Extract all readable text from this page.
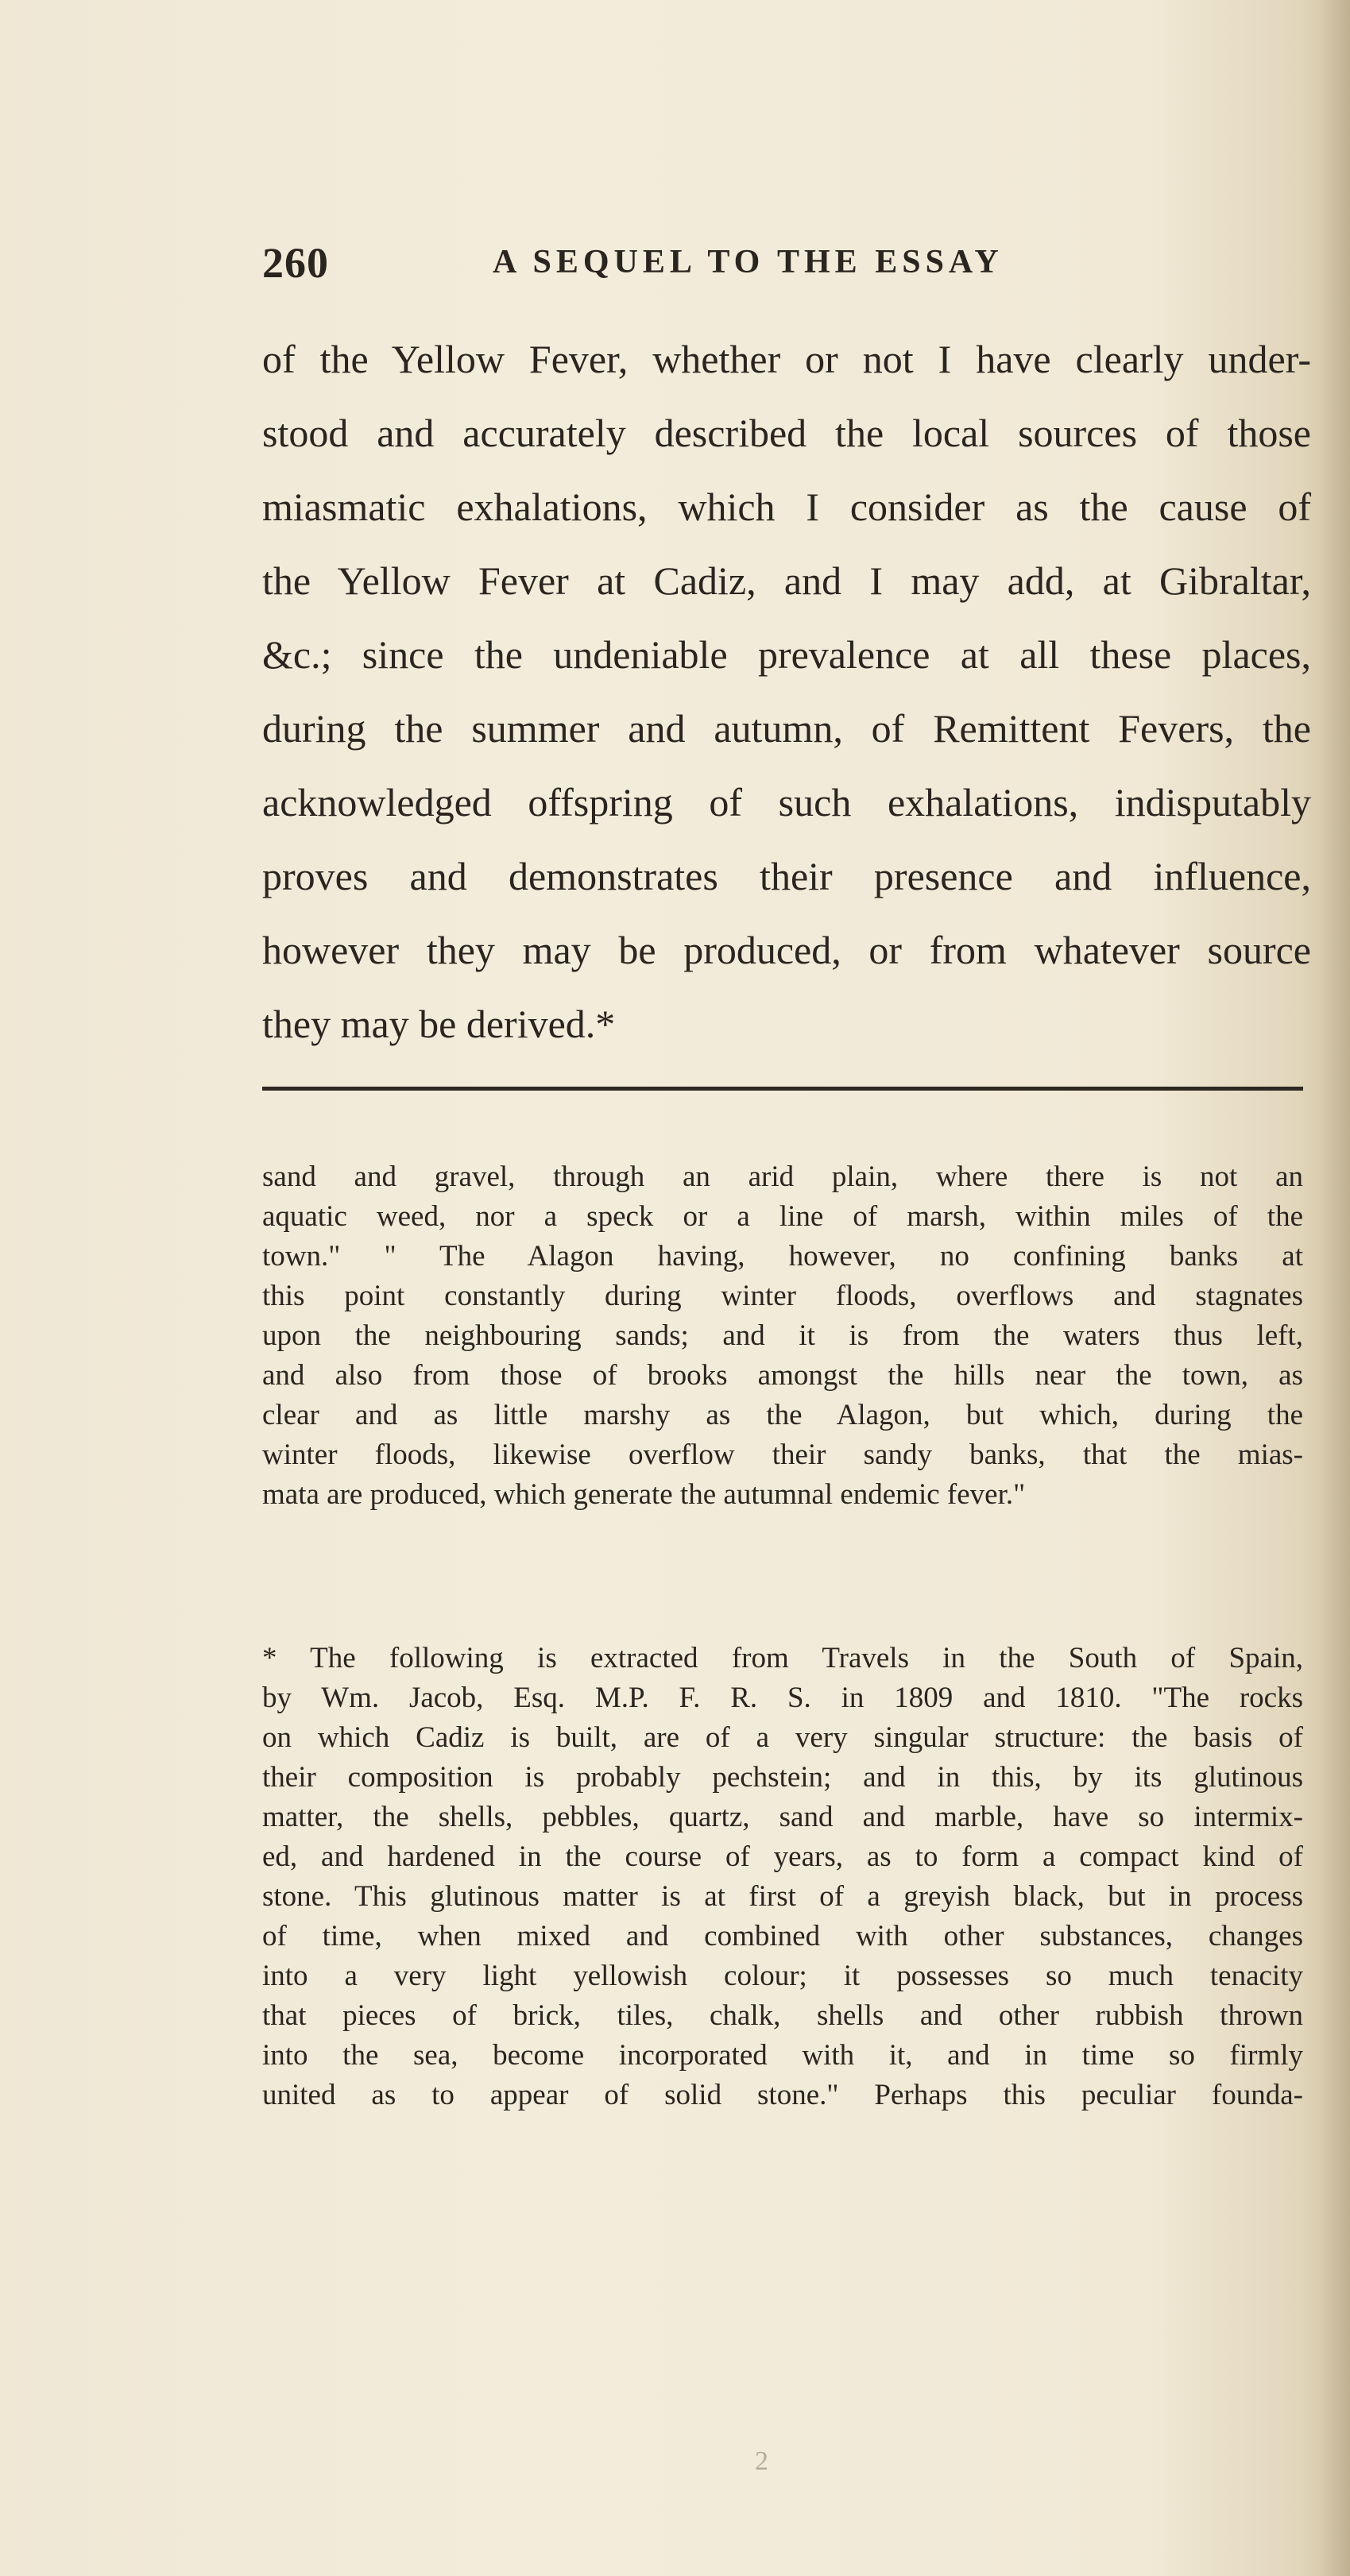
260	A SEQUEL TO THE ESSAY
of the Yellow Fever, whether or not I have clearly under-
stood and accurately described the local sources of those
miasmatic exhalations, which I consider as the cause of
the Yellow Fever at Cadiz, and I may add, at Gibraltar,
&c.; since the undeniable prevalence at all these places,
during the summer and autumn, of Remittent Fevers, the
acknowledged offspring of such exhalations, indisputably
proves and demonstrates their presence and influence,
however they may be produced, or from whatever source
they may be derived.*
sand and gravel, through an arid plain, where there is not an
aquatic weed, nor a speck or a line of marsh, within miles of the
town." " The Alagon having, however, no confining banks at
this point constantly during winter floods, overflows and stagnates
upon the neighbouring sands; and it is from the waters thus left,
and also from those of brooks amongst the hills near the town, as
clear and as little marshy as the Alagon, but which, during the
winter floods, likewise overflow their sandy banks, that the mias-
mata are produced, which generate the autumnal endemic fever."
* The following is extracted from Travels in the South of Spain,
by Wm. Jacob, Esq. M.P. F. R. S. in 1809 and 1810. "The rocks
on which Cadiz is built, are of a very singular structure: the basis of
their composition is probably pechstein; and in this, by its glutinous
matter, the shells, pebbles, quartz, sand and marble, have so intermix-
ed, and hardened in the course of years, as to form a compact kind of
stone. This glutinous matter is at first of a greyish black, but in process
of time, when mixed and combined with other substances, changes
into a very light yellowish colour; it possesses so much tenacity
that pieces of brick, tiles, chalk, shells and other rubbish thrown
into the sea, become incorporated with it, and in time so firmly
united as to appear of solid stone." Perhaps this peculiar founda-
2
